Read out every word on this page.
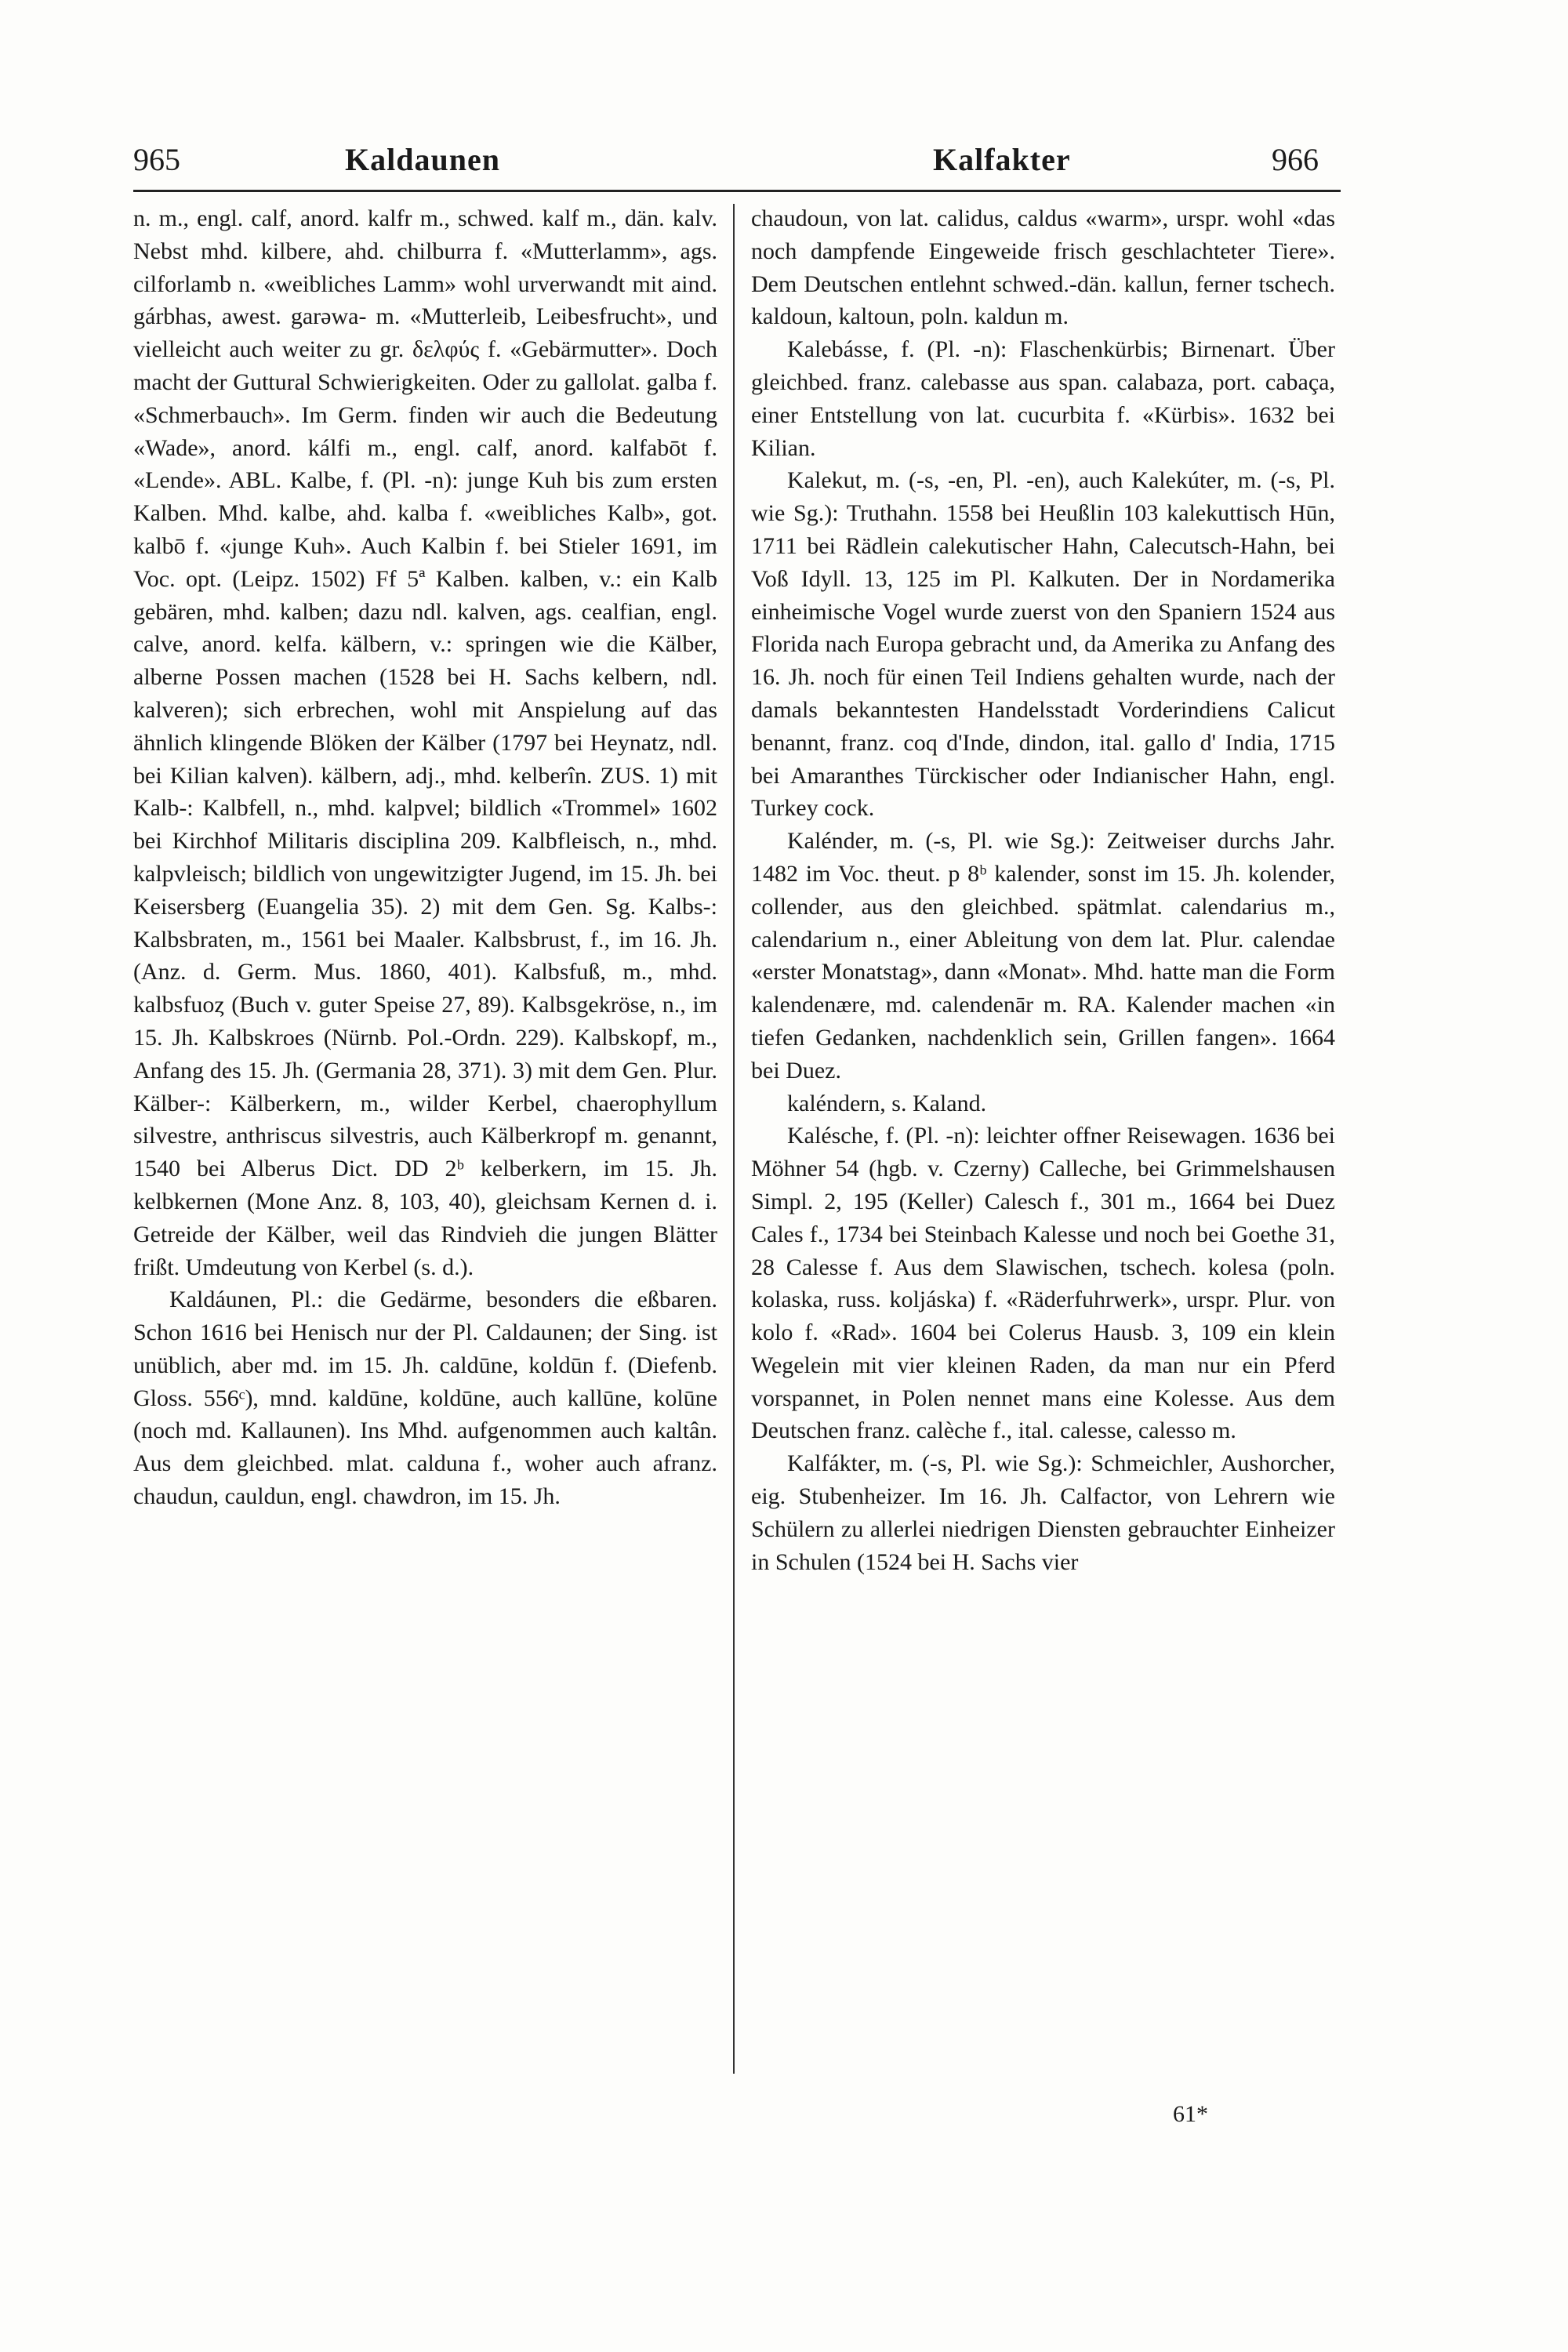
965	Kaldaunen	Kalfakter	966

n. m., engl. calf, anord. kalfr m., schwed. kalf m., dän. kalv. Nebst mhd. kilbere, ahd. chilburra f. «Mutterlamm», ags. cilforlamb n. «weibliches Lamm» wohl urverwandt mit aind. gárbhas, awest. garəwa- m. «Mutterleib, Leibesfrucht», und vielleicht auch weiter zu gr. δελφύς f. «Gebärmutter». Doch macht der Guttural Schwierigkeiten. Oder zu gallolat. galba f. «Schmerbauch». Im Germ. finden wir auch die Bedeutung «Wade», anord. kálfi m., engl. calf, anord. kalfabōt f. «Lende». ABL. Kalbe, f. (Pl. -n): junge Kuh bis zum ersten Kalben. Mhd. kalbe, ahd. kalba f. «weibliches Kalb», got. kalbō f. «junge Kuh». Auch Kalbin f. bei Stieler 1691, im Voc. opt. (Leipz. 1502) Ff 5ª Kalben. kalben, v.: ein Kalb gebären, mhd. kalben; dazu ndl. kalven, ags. cealfian, engl. calve, anord. kelfa. kälbern, v.: springen wie die Kälber, alberne Possen machen (1528 bei H. Sachs kelbern, ndl. kalveren); sich erbrechen, wohl mit Anspielung auf das ähnlich klingende Blöken der Kälber (1797 bei Heynatz, ndl. bei Kilian kalven). kälbern, adj., mhd. kelberîn. ZUS. 1) mit Kalb-: Kalbfell, n., mhd. kalpvel; bildlich «Trommel» 1602 bei Kirchhof Militaris disciplina 209. Kalbfleisch, n., mhd. kalpvleisch; bildlich von ungewitzigter Jugend, im 15. Jh. bei Keisersberg (Euangelia 35). 2) mit dem Gen. Sg. Kalbs-: Kalbsbraten, m., 1561 bei Maaler. Kalbsbrust, f., im 16. Jh. (Anz. d. Germ. Mus. 1860, 401). Kalbsfuß, m., mhd. kalbsfuoȥ (Buch v. guter Speise 27, 89). Kalbsgekröse, n., im 15. Jh. Kalbskroes (Nürnb. Pol.-Ordn. 229). Kalbskopf, m., Anfang des 15. Jh. (Germania 28, 371). 3) mit dem Gen. Plur. Kälber-: Kälberkern, m., wilder Kerbel, chaerophyllum silvestre, anthriscus silvestris, auch Kälberkropf m. genannt, 1540 bei Alberus Dict. DD 2ᵇ kelberkern, im 15. Jh. kelbkernen (Mone Anz. 8, 103, 40), gleichsam Kernen d. i. Getreide der Kälber, weil das Rindvieh die jungen Blätter frißt. Umdeutung von Kerbel (s. d.).

Kaldáunen, Pl.: die Gedärme, besonders die eßbaren. Schon 1616 bei Henisch nur der Pl. Caldaunen; der Sing. ist unüblich, aber md. im 15. Jh. caldūne, koldūn f. (Diefenb. Gloss. 556ᶜ), mnd. kaldūne, koldūne, auch kallūne, kolūne (noch md. Kallaunen). Ins Mhd. aufgenommen auch kaltân. Aus dem gleichbed. mlat. calduna f., woher auch afranz. chaudun, cauldun, engl. chawdron, im 15. Jh.

chaudoun, von lat. calidus, caldus «warm», urspr. wohl «das noch dampfende Eingeweide frisch geschlachteter Tiere». Dem Deutschen entlehnt schwed.-dän. kallun, ferner tschech. kaldoun, kaltoun, poln. kaldun m.

Kalebásse, f. (Pl. -n): Flaschenkürbis; Birnenart. Über gleichbed. franz. calebasse aus span. calabaza, port. cabaça, einer Entstellung von lat. cucurbita f. «Kürbis». 1632 bei Kilian.

Kalekut, m. (-s, -en, Pl. -en), auch Kalekúter, m. (-s, Pl. wie Sg.): Truthahn. 1558 bei Heußlin 103 kalekuttisch Hūn, 1711 bei Rädlein calekutischer Hahn, Calecutsch-Hahn, bei Voß Idyll. 13, 125 im Pl. Kalkuten. Der in Nordamerika einheimische Vogel wurde zuerst von den Spaniern 1524 aus Florida nach Europa gebracht und, da Amerika zu Anfang des 16. Jh. noch für einen Teil Indiens gehalten wurde, nach der damals bekanntesten Handelsstadt Vorderindiens Calicut benannt, franz. coq d'Inde, dindon, ital. gallo d' India, 1715 bei Amaranthes Türckischer oder Indianischer Hahn, engl. Turkey cock.

Kalénder, m. (-s, Pl. wie Sg.): Zeitweiser durchs Jahr. 1482 im Voc. theut. p 8ᵇ kalender, sonst im 15. Jh. kolender, collender, aus den gleichbed. spätmlat. calendarius m., calendarium n., einer Ableitung von dem lat. Plur. calendae «erster Monatstag», dann «Monat». Mhd. hatte man die Form kalendenære, md. calendenār m. RA. Kalender machen «in tiefen Gedanken, nachdenklich sein, Grillen fangen». 1664 bei Duez.

kaléndern, s. Kaland.

Kalésche, f. (Pl. -n): leichter offner Reisewagen. 1636 bei Möhner 54 (hgb. v. Czerny) Calleche, bei Grimmelshausen Simpl. 2, 195 (Keller) Calesch f., 301 m., 1664 bei Duez Cales f., 1734 bei Steinbach Kalesse und noch bei Goethe 31, 28 Calesse f. Aus dem Slawischen, tschech. kolesa (poln. kolaska, russ. koljáska) f. «Räderfuhrwerk», urspr. Plur. von kolo f. «Rad». 1604 bei Colerus Hausb. 3, 109 ein klein Wegelein mit vier kleinen Raden, da man nur ein Pferd vorspannet, in Polen nennet mans eine Kolesse. Aus dem Deutschen franz. calèche f., ital. calesse, calesso m.

Kalfákter, m. (-s, Pl. wie Sg.): Schmeichler, Aushorcher, eig. Stubenheizer. Im 16. Jh. Calfactor, von Lehrern wie Schülern zu allerlei niedrigen Diensten gebrauchter Einheizer in Schulen (1524 bei H. Sachs vier

61*
